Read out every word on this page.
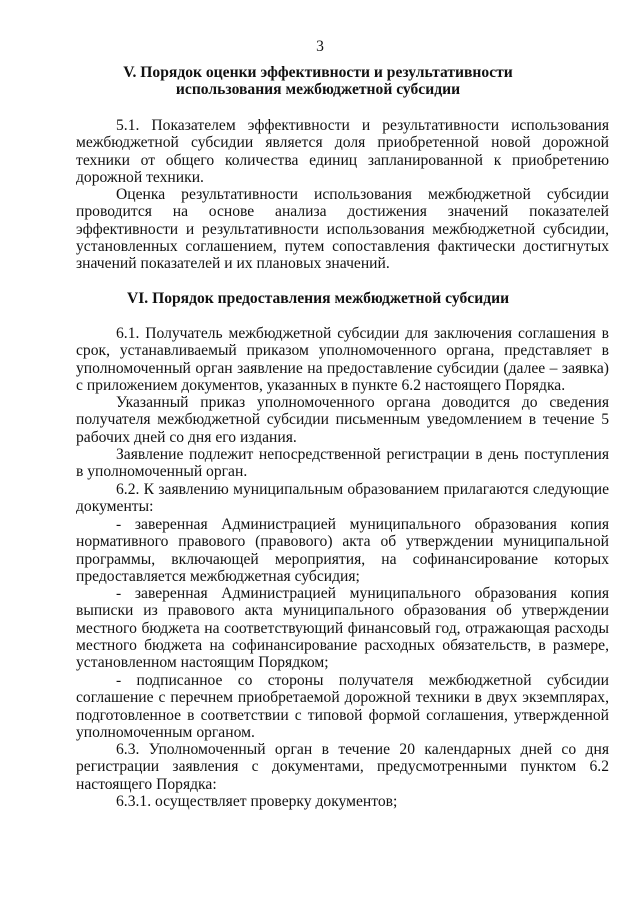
3
V. Порядок оценки эффективности и результативности
использования межбюджетной субсидии
5.1. Показателем эффективности и результативности использования межбюджетной субсидии является доля приобретенной новой дорожной техники от общего количества единиц запланированной к приобретению дорожной техники.
Оценка результативности использования межбюджетной субсидии проводится на основе анализа достижения значений показателей эффективности и результативности использования межбюджетной субсидии, установленных соглашением, путем сопоставления фактически достигнутых значений показателей и их плановых значений.
VI. Порядок предоставления межбюджетной субсидии
6.1. Получатель межбюджетной субсидии для заключения соглашения в срок, устанавливаемый приказом уполномоченного органа, представляет в уполномоченный орган заявление на предоставление субсидии (далее – заявка) с приложением документов, указанных в пункте 6.2 настоящего Порядка.
Указанный приказ уполномоченного органа доводится до сведения получателя межбюджетной субсидии письменным уведомлением в течение 5 рабочих дней со дня его издания.
Заявление подлежит непосредственной регистрации в день поступления в уполномоченный орган.
6.2. К заявлению муниципальным образованием прилагаются следующие документы:
- заверенная Администрацией муниципального образования копия нормативного правового (правового) акта об утверждении муниципальной программы, включающей мероприятия, на софинансирование которых предоставляется межбюджетная субсидия;
- заверенная Администрацией муниципального образования копия выписки из правового акта муниципального образования об утверждении местного бюджета на соответствующий финансовый год, отражающая расходы местного бюджета на софинансирование расходных обязательств, в размере, установленном настоящим Порядком;
- подписанное со стороны получателя межбюджетной субсидии соглашение с перечнем приобретаемой дорожной техники в двух экземплярах, подготовленное в соответствии с типовой формой соглашения, утвержденной уполномоченным органом.
6.3. Уполномоченный орган в течение 20 календарных дней со дня регистрации заявления с документами, предусмотренными пунктом 6.2 настоящего Порядка:
6.3.1. осуществляет проверку документов;
